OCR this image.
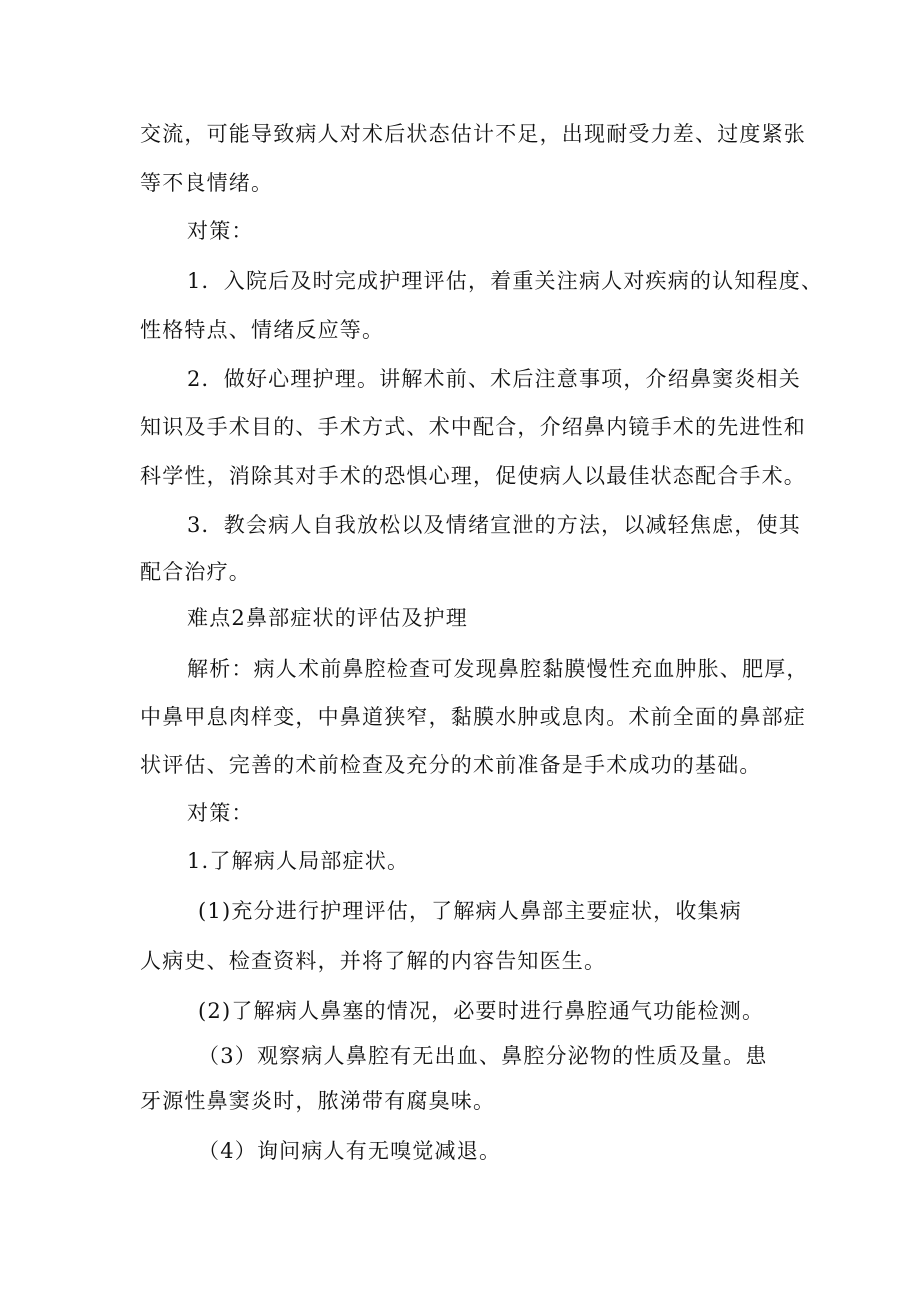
交流，可能导致病人对术后状态估计不足，出现耐受力差、过度紧张
等不良情绪。
对策：
1．入院后及时完成护理评估，着重关注病人对疾病的认知程度、
性格特点、情绪反应等。
2．做好心理护理。讲解术前、术后注意事项，介绍鼻窦炎相关
知识及手术目的、手术方式、术中配合，介绍鼻内镜手术的先进性和
科学性，消除其对手术的恐惧心理，促使病人以最佳状态配合手术。
3．教会病人自我放松以及情绪宣泄的方法，以减轻焦虑，使其
配合治疗。
难点2鼻部症状的评估及护理
解析：病人术前鼻腔检查可发现鼻腔黏膜慢性充血肿胀、肥厚，
中鼻甲息肉样变，中鼻道狭窄，黏膜水肿或息肉。术前全面的鼻部症
状评估、完善的术前检查及充分的术前准备是手术成功的基础。
对策：
1.了解病人局部症状。
(1)充分进行护理评估，了解病人鼻部主要症状，收集病
人病史、检查资料，并将了解的内容告知医生。
(2)了解病人鼻塞的情况，必要时进行鼻腔通气功能检测。
（3）观察病人鼻腔有无出血、鼻腔分泌物的性质及量。患
牙源性鼻窦炎时，脓涕带有腐臭味。
（4）询问病人有无嗅觉减退。
